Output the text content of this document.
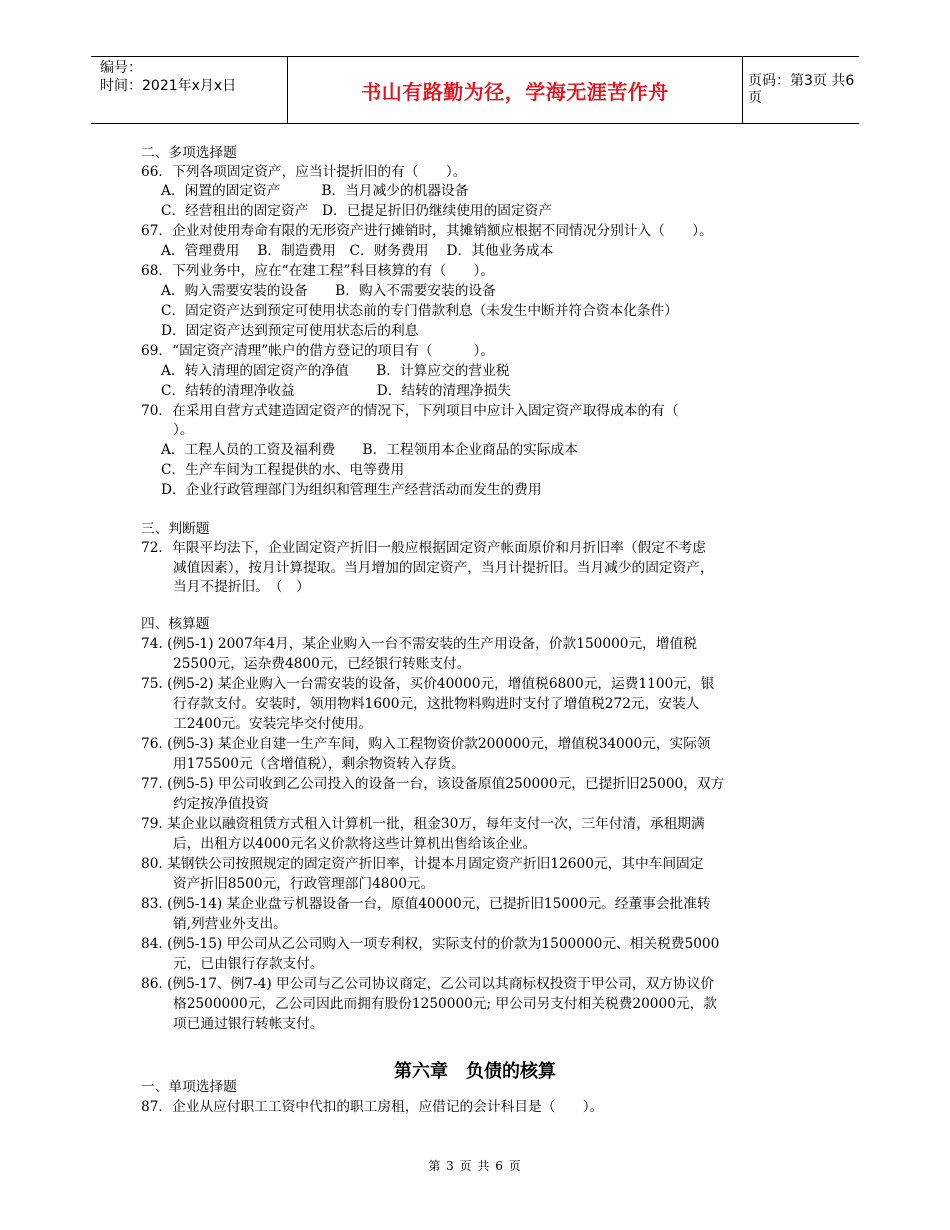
编号：
时间：2021年x月x日	书山有路勤为径，学海无涯苦作舟	页码：第3页 共6页
二、多项选择题
66．下列各项固定资产，应当计提折旧的有（　　）。
A．闲置的固定资产　　　B．当月减少的机器设备
C．经营租出的固定资产　D．已提足折旧仍继续使用的固定资产
67．企业对使用寿命有限的无形资产进行摊销时，其摊销额应根据不同情况分别计入（　　）。
A．管理费用　 B．制造费用　C．财务费用　 D．其他业务成本
68．下列业务中，应在“在建工程”科目核算的有（　　）。
A．购入需要安装的设备　　B．购入不需要安装的设备
C．固定资产达到预定可使用状态前的专门借款利息（未发生中断并符合资本化条件）
D．固定资产达到预定可使用状态后的利息
69．“固定资产清理”帐户的借方登记的项目有（　　　）。
A．转入清理的固定资产的净值　　B．计算应交的营业税
C．结转的清理净收益　　　　　　D．结转的清理净损失
70．在采用自营方式建造固定资产的情况下，下列项目中应计入固定资产取得成本的有（
）。
A．工程人员的工资及福利费　　B．工程领用本企业商品的实际成本
C．生产车间为工程提供的水、电等费用
D．企业行政管理部门为组织和管理生产经营活动而发生的费用
三、判断题
72．年限平均法下，企业固定资产折旧一般应根据固定资产帐面原价和月折旧率（假定不考虑
减值因素），按月计算提取。当月增加的固定资产，当月计提折旧。当月减少的固定资产，
当月不提折旧。　（　）
四、核算题
74. (例5-1) 2007年4月，某企业购入一台不需安装的生产用设备，价款150000元，增值税
25500元，运杂费4800元，已经银行转账支付。
75. (例5-2) 某企业购入一台需安装的设备，买价40000元，增值税6800元，运费1100元，银
行存款支付。安装时，领用物料1600元，这批物料购进时支付了增值税272元，安装人
工2400元。安装完毕交付使用。
76. (例5-3) 某企业自建一生产车间，购入工程物资价款200000元，增值税34000元，实际领
用175500元（含增值税），剩余物资转入存货。
77. (例5-5) 甲公司收到乙公司投入的设备一台，该设备原值250000元，已提折旧25000，双方
约定按净值投资
79. 某企业以融资租赁方式租入计算机一批，租金30万，每年支付一次，三年付清，承租期满
后，出租方以4000元名义价款将这些计算机出售给该企业。
80. 某钢铁公司按照规定的固定资产折旧率，计提本月固定资产折旧12600元，其中车间固定
资产折旧8500元，行政管理部门4800元。
83. (例5-14) 某企业盘亏机器设备一台，原值40000元，已提折旧15000元。经董事会批准转
销,列营业外支出。
84. (例5-15) 甲公司从乙公司购入一项专利权，实际支付的价款为1500000元、相关税费5000
元，已由银行存款支付。
86. (例5-17、例7-4) 甲公司与乙公司协议商定，乙公司以其商标权投资于甲公司，双方协议价
格2500000元，乙公司因此而拥有股份1250000元; 甲公司另支付相关税费20000元，款
项已通过银行转帐支付。
第六章　负债的核算
一、单项选择题
87．企业从应付职工工资中代扣的职工房租，应借记的会计科目是（　　）。
第 3 页 共 6 页
